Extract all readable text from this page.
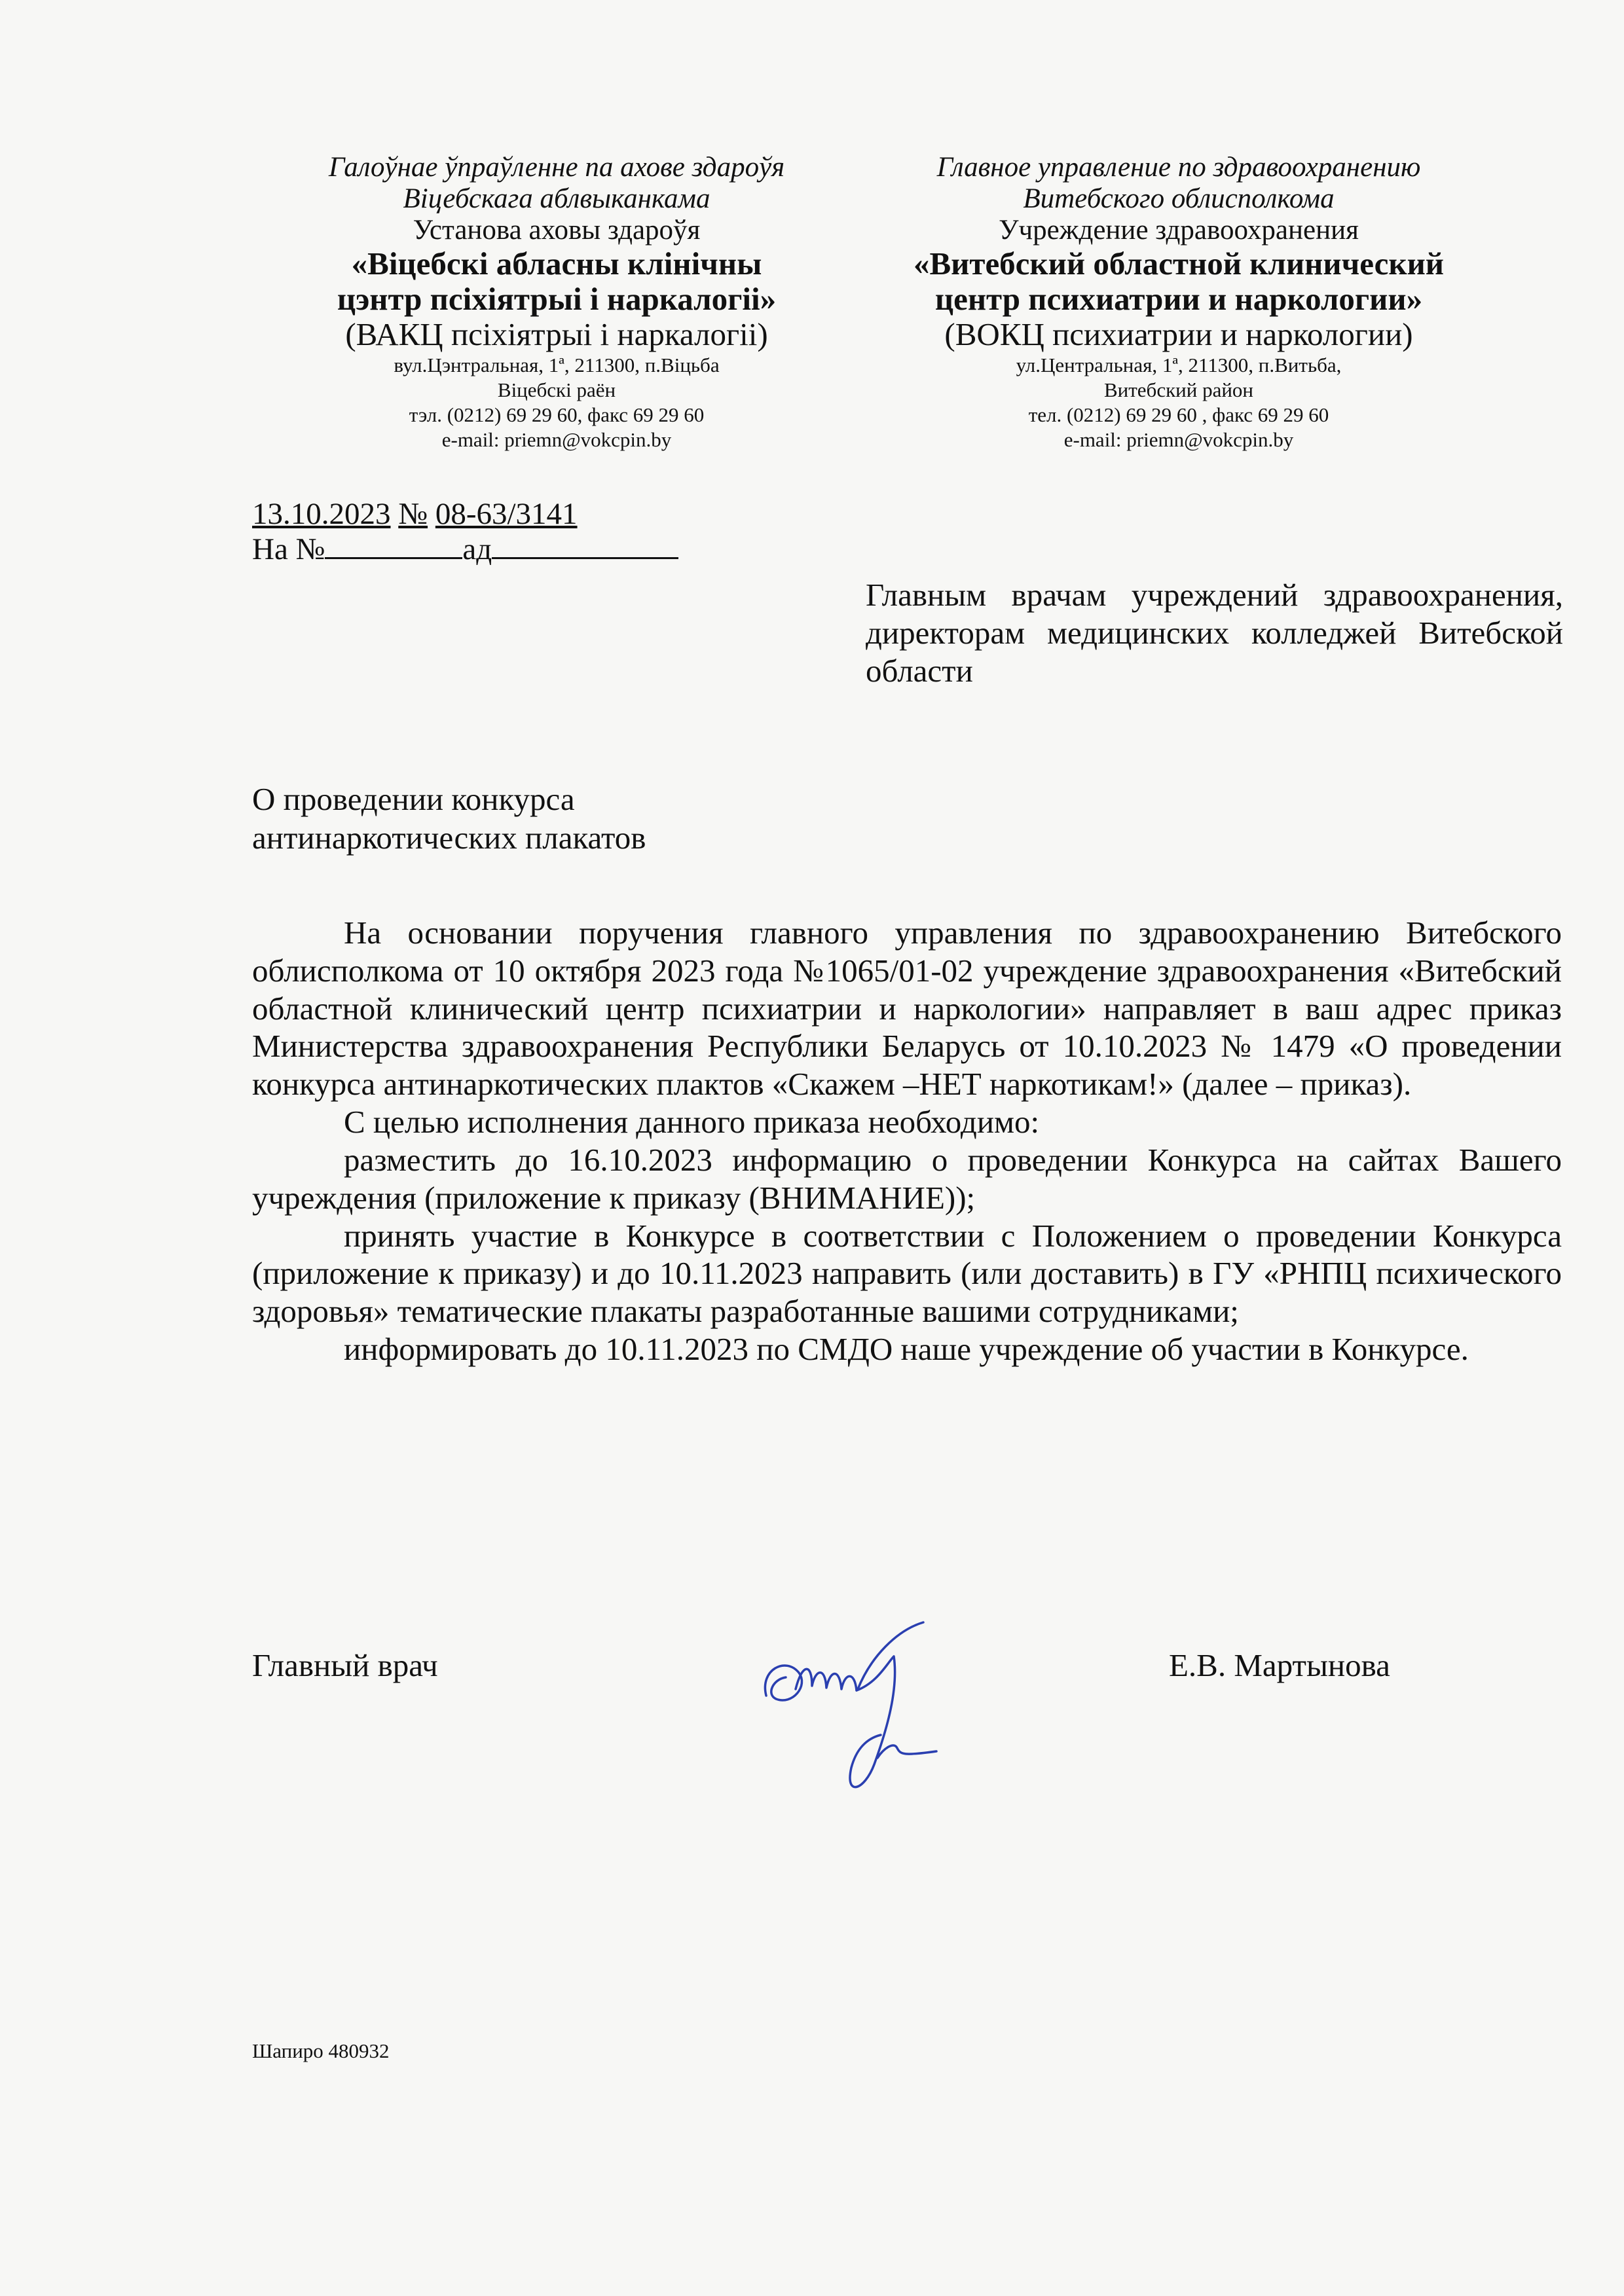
Галоўнае ўпраўленне па ахове здароўя
Віцебскага аблвыканкама
Установа аховы здароўя
«Віцебскі абласны клінічны
цэнтр псіхіятрыі і наркалогіі»
(ВАКЦ псіхіятрыі і наркалогіі)
вул.Цэнтральная, 1ª, 211300, п.Віцьба
Віцебскі раён
тэл. (0212) 69 29 60, факс 69 29 60
e-mail: priemn@vokcpin.by
Главное управление по здравоохранению
Витебского облисполкома
Учреждение здравоохранения
«Витебский областной клинический
центр психиатрии и наркологии»
(ВОКЦ психиатрии и наркологии)
ул.Центральная, 1ª, 211300, п.Витьба,
Витебский район
тел. (0212) 69 29 60 , факс 69 29 60
e-mail: priemn@vokcpin.by
13.10.2023 № 08-63/3141
На №	ад
Главным врачам учреждений здравоохранения, директорам медицинских колледжей Витебской области
О проведении конкурса
антинаркотических плакатов

На основании поручения главного управления по здравоохранению Витебского облисполкома от 10 октября 2023 года №1065/01-02 учреждение здравоохранения «Витебский областной клинический центр психиатрии и наркологии» направляет в ваш адрес приказ Министерства здравоохранения Республики Беларусь от 10.10.2023 № 1479 «О проведении конкурса антинаркотических плактов «Скажем –НЕТ наркотикам!» (далее – приказ).

С целью исполнения данного приказа необходимо:

разместить до 16.10.2023 информацию о проведении Конкурса на сайтах Вашего учреждения (приложение к приказу (ВНИМАНИЕ));

принять участие в Конкурсе в соответствии с Положением о проведении Конкурса (приложение к приказу) и до 10.11.2023 направить (или доставить) в ГУ «РНПЦ психического здоровья» тематические плакаты разработанные вашими сотрудниками;

информировать до 10.11.2023 по СМДО наше учреждение об участии в Конкурсе.

Главный врач	Е.В. Мартынова
Шапиро 480932
